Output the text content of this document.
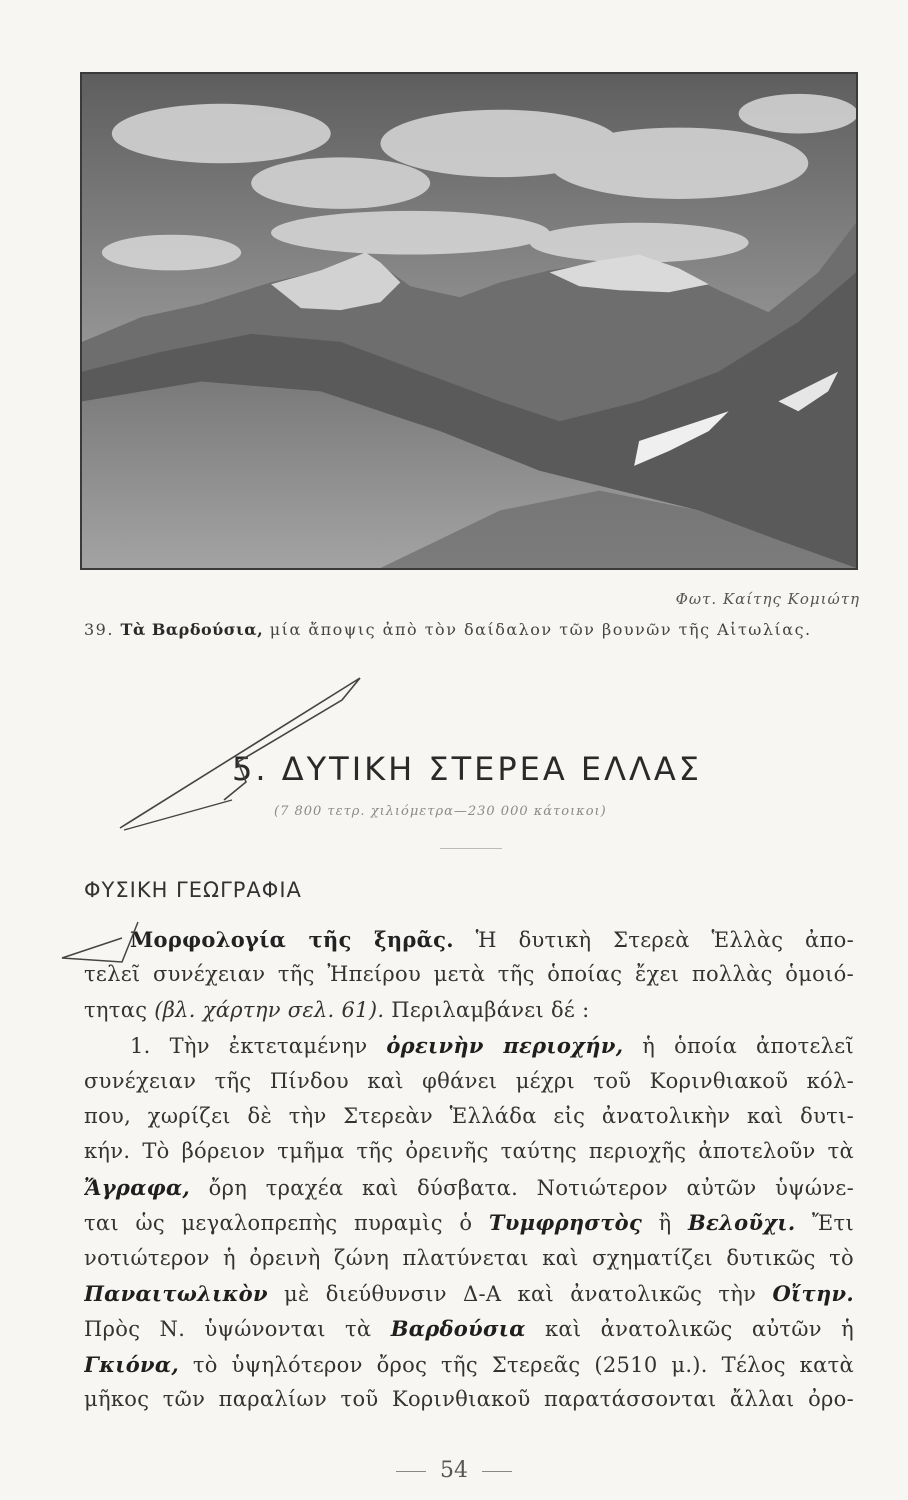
Φωτ. Καίτης Κομιώτη
39. Τὰ Βαρδούσια, μία ἄποψις ἀπὸ τὸν δαίδαλον τῶν βουνῶν τῆς Αἰτωλίας.
5. ΔΥΤΙΚΗ ΣΤΕΡΕΑ ΕΛΛΑΣ
(7 800 τετρ. χιλιόμετρα—230 000 κάτοικοι)
ΦΥΣΙΚΗ ΓΕΩΓΡΑΦΙΑ
Μορφολογία τῆς ξηρᾶς. Ἡ δυτικὴ Στερεὰ Ἑλλὰς ἀπο-
τελεῖ συνέχειαν τῆς Ἠπείρου μετὰ τῆς ὁποίας ἔχει πολλὰς ὁμοιό-
τητας (βλ. χάρτην σελ. 61). Περιλαμβάνει δέ :
1. Τὴν ἐκτεταμένην ὀρεινὴν περιοχήν, ἡ ὁποία ἀποτελεῖ
συνέχειαν τῆς Πίνδου καὶ φθάνει μέχρι τοῦ Κορινθιακοῦ κόλ-
που, χωρίζει δὲ τὴν Στερεὰν Ἑλλάδα εἰς ἀνατολικὴν καὶ δυτι-
κήν. Τὸ βόρειον τμῆμα τῆς ὀρεινῆς ταύτης περιοχῆς ἀποτελοῦν τὰ
Ἄγραφα, ὄρη τραχέα καὶ δύσβατα. Νοτιώτερον αὐτῶν ὑψώνε-
ται ὡς μεγαλοπρεπὴς πυραμὶς ὁ Τυμφρηστὸς ἢ Βελοῦχι. Ἔτι
νοτιώτερον ἡ ὀρεινὴ ζώνη πλατύνεται καὶ σχηματίζει δυτικῶς τὸ
Παναιτωλικὸν μὲ διεύθυνσιν Δ-Α καὶ ἀνατολικῶς τὴν Οἴτην.
Πρὸς Ν. ὑψώνονται τὰ Βαρδούσια καὶ ἀνατολικῶς αὐτῶν ἡ
Γκιόνα, τὸ ὑψηλότερον ὄρος τῆς Στερεᾶς (2510 μ.). Τέλος κατὰ
μῆκος τῶν παραλίων τοῦ Κορινθιακοῦ παρατάσσονται ἄλλαι ὀρο-
54
